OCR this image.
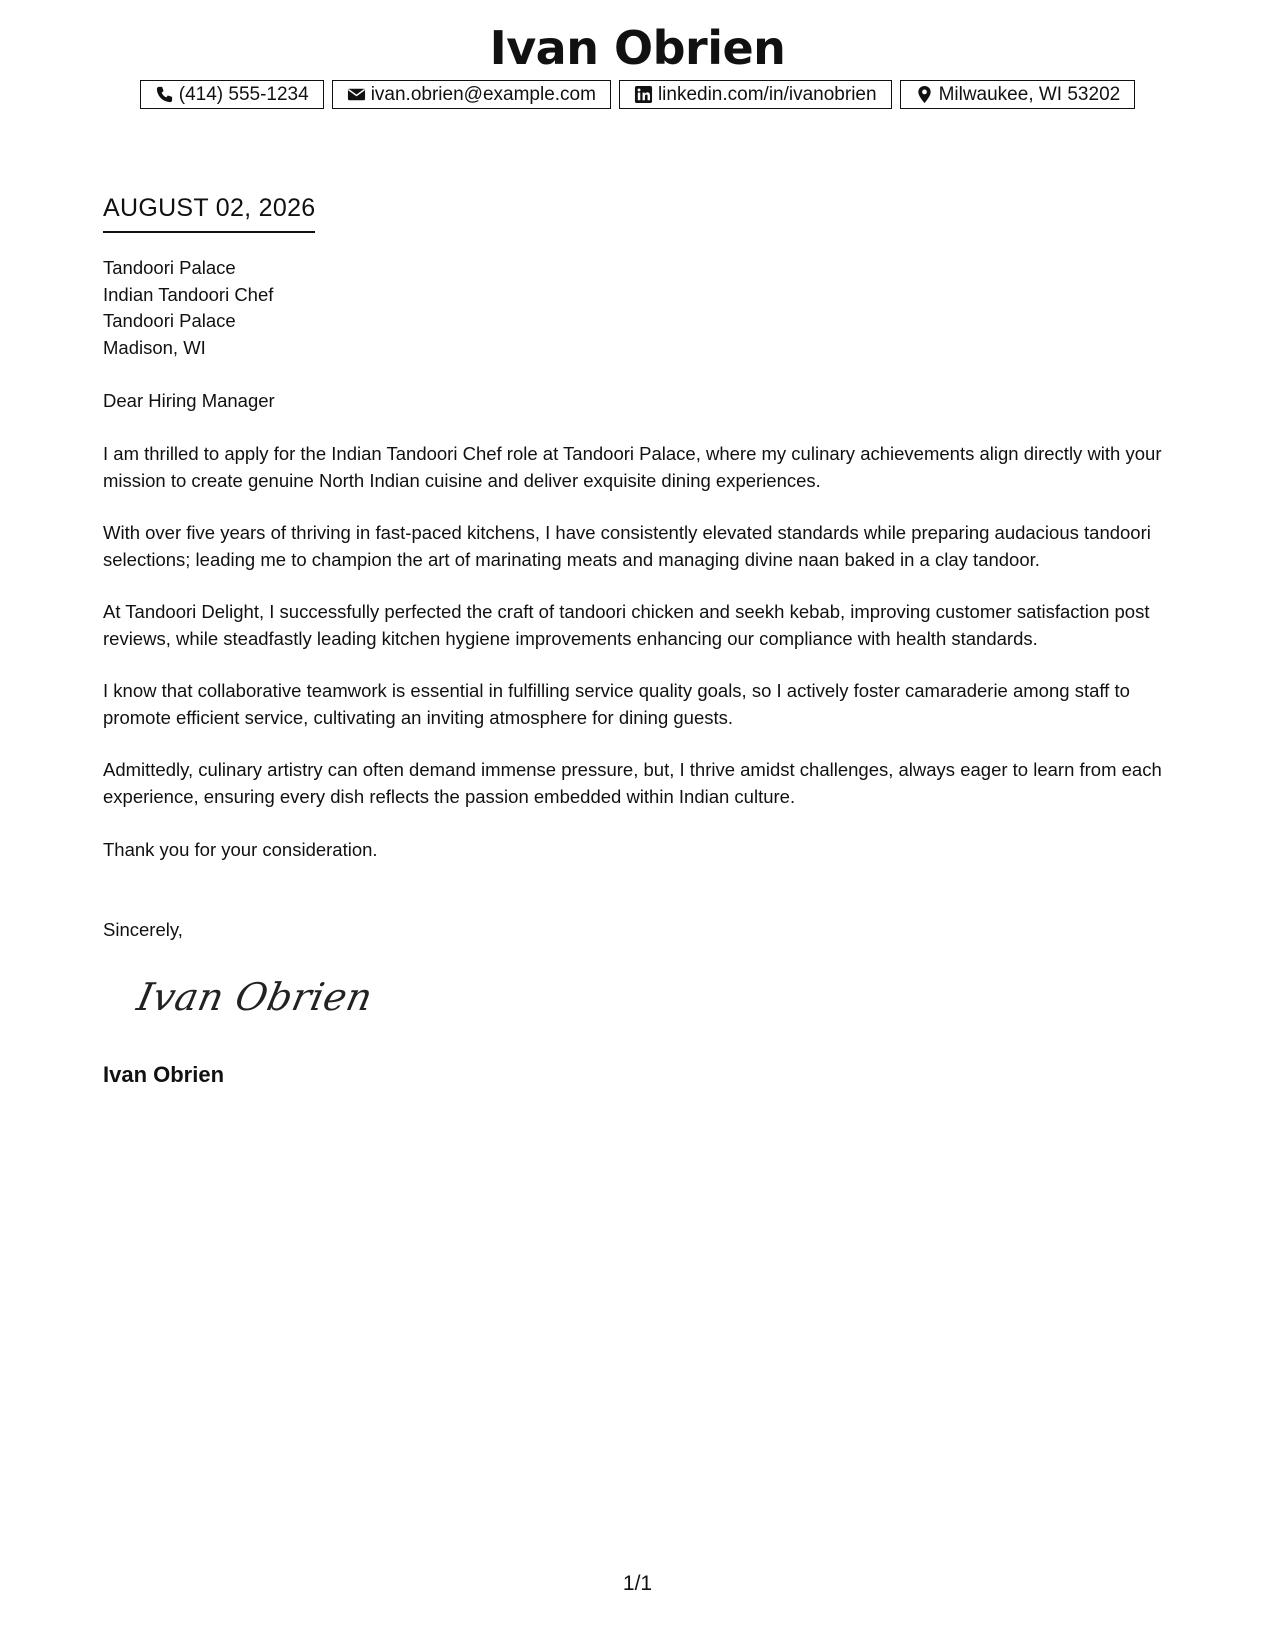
Ivan Obrien
(414) 555-1234	ivan.obrien@example.com	linkedin.com/in/ivanobrien	Milwaukee, WI 53202
AUGUST 02, 2026
Tandoori Palace
Indian Tandoori Chef
Tandoori Palace
Madison, WI
Dear Hiring Manager

I am thrilled to apply for the Indian Tandoori Chef role at Tandoori Palace, where my culinary achievements align directly with your mission to create genuine North Indian cuisine and deliver exquisite dining experiences.

With over five years of thriving in fast-paced kitchens, I have consistently elevated standards while preparing audacious tandoori selections; leading me to champion the art of marinating meats and managing divine naan baked in a clay tandoor.

At Tandoori Delight, I successfully perfected the craft of tandoori chicken and seekh kebab, improving customer satisfaction post reviews, while steadfastly leading kitchen hygiene improvements enhancing our compliance with health standards.

I know that collaborative teamwork is essential in fulfilling service quality goals, so I actively foster camaraderie among staff to promote efficient service, cultivating an inviting atmosphere for dining guests.

Admittedly, culinary artistry can often demand immense pressure, but, I thrive amidst challenges, always eager to learn from each experience, ensuring every dish reflects the passion embedded within Indian culture.

Thank you for your consideration.
Sincerely,
Ivan Obrien
Ivan Obrien
1/1
